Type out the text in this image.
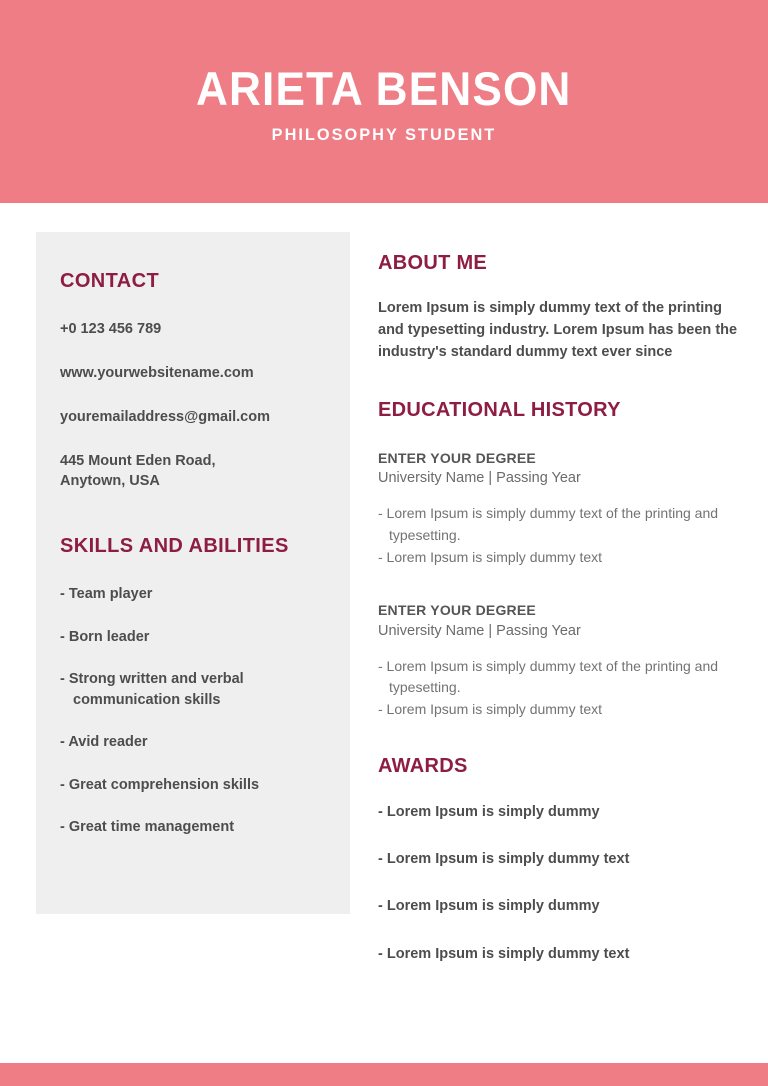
ARIETA BENSON
PHILOSOPHY STUDENT
CONTACT
+0 123 456 789
www.yourwebsitename.com
youremailaddress@gmail.com
445 Mount Eden Road,
Anytown, USA
SKILLS AND ABILITIES
- Team player
- Born leader
- Strong written and verbal communication skills
- Avid reader
- Great comprehension skills
- Great time management
ABOUT ME

Lorem Ipsum is simply dummy text of the printing and typesetting industry. Lorem Ipsum has been the industry's standard dummy text ever since

EDUCATIONAL HISTORY
ENTER YOUR DEGREE
University Name | Passing Year
- Lorem Ipsum is simply dummy text of the printing and typesetting.
- Lorem Ipsum is simply dummy text
ENTER YOUR DEGREE
University Name | Passing Year
- Lorem Ipsum is simply dummy text of the printing and typesetting.
- Lorem Ipsum is simply dummy text
AWARDS
- Lorem Ipsum is simply dummy
- Lorem Ipsum is simply dummy text
- Lorem Ipsum is simply dummy
- Lorem Ipsum is simply dummy text
